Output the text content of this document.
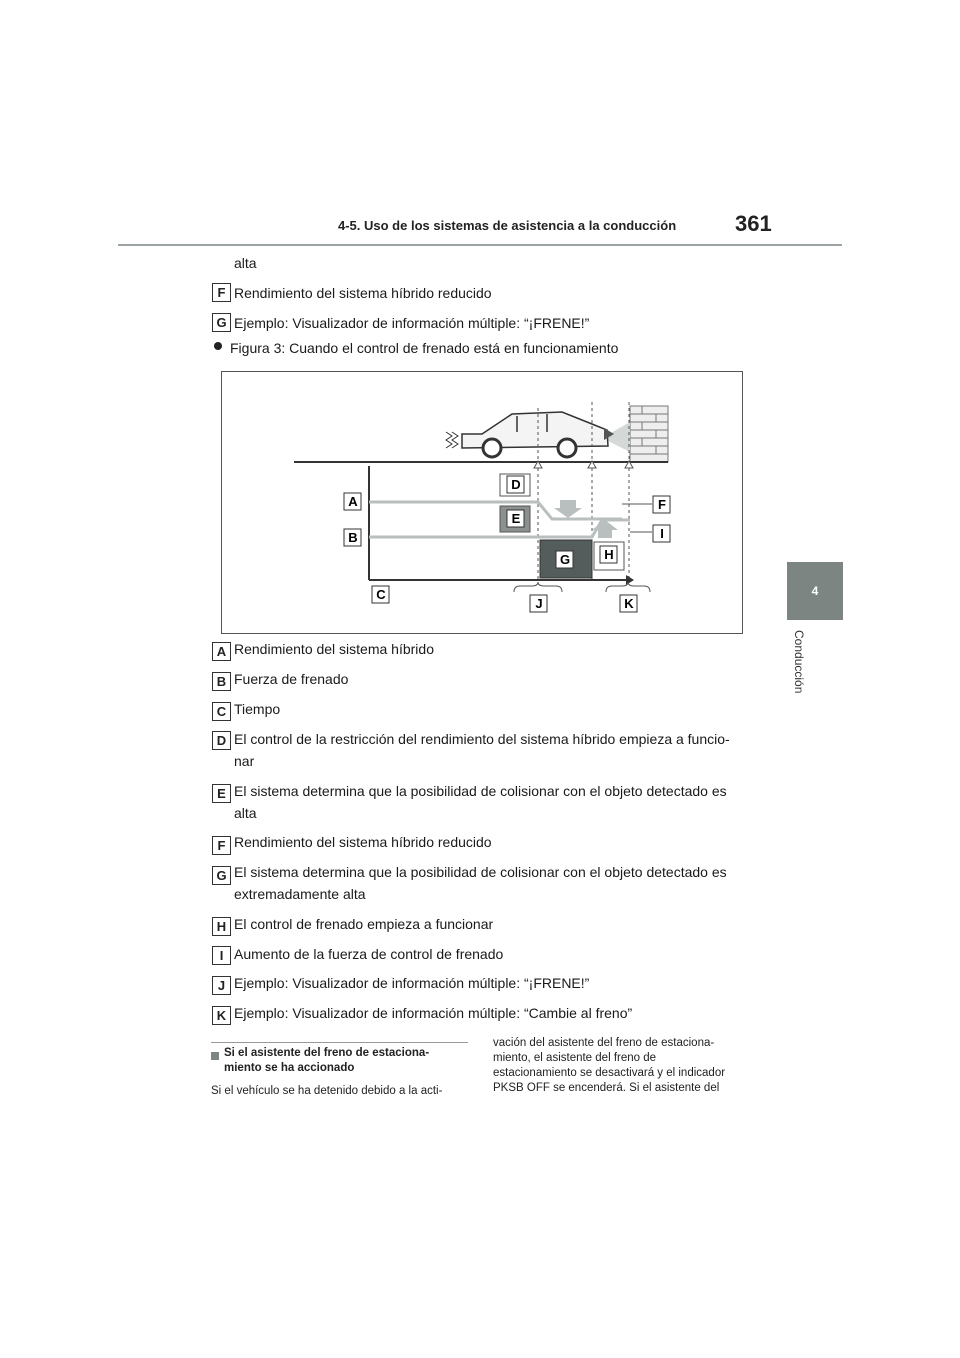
4-5. Uso de los sistemas de asistencia a la conducción	361
4
Conducción
alta
F Rendimiento del sistema híbrido reducido
G Ejemplo: Visualizador de información múltiple: “¡FRENE!”
Figura 3: Cuando el control de frenado está en funcionamiento
A
B
C
D
E
F
G	H
I
J	K
A Rendimiento del sistema híbrido
B Fuerza de frenado
C Tiempo
D El control de la restricción del rendimiento del sistema híbrido empieza a funcio-
nar
E El sistema determina que la posibilidad de colisionar con el objeto detectado es
alta
F Rendimiento del sistema híbrido reducido
G El sistema determina que la posibilidad de colisionar con el objeto detectado es
extremadamente alta
H El control de frenado empieza a funcionar
I Aumento de la fuerza de control de frenado
J Ejemplo: Visualizador de información múltiple: “¡FRENE!”
K Ejemplo: Visualizador de información múltiple: “Cambie al freno”
Si el asistente del freno de estaciona-miento se ha accionado
Si el vehículo se ha detenido debido a la acti-
vación del asistente del freno de estaciona-
miento, el asistente del freno de
estacionamiento se desactivará y el indicador
PKSB OFF se encenderá. Si el asistente del
